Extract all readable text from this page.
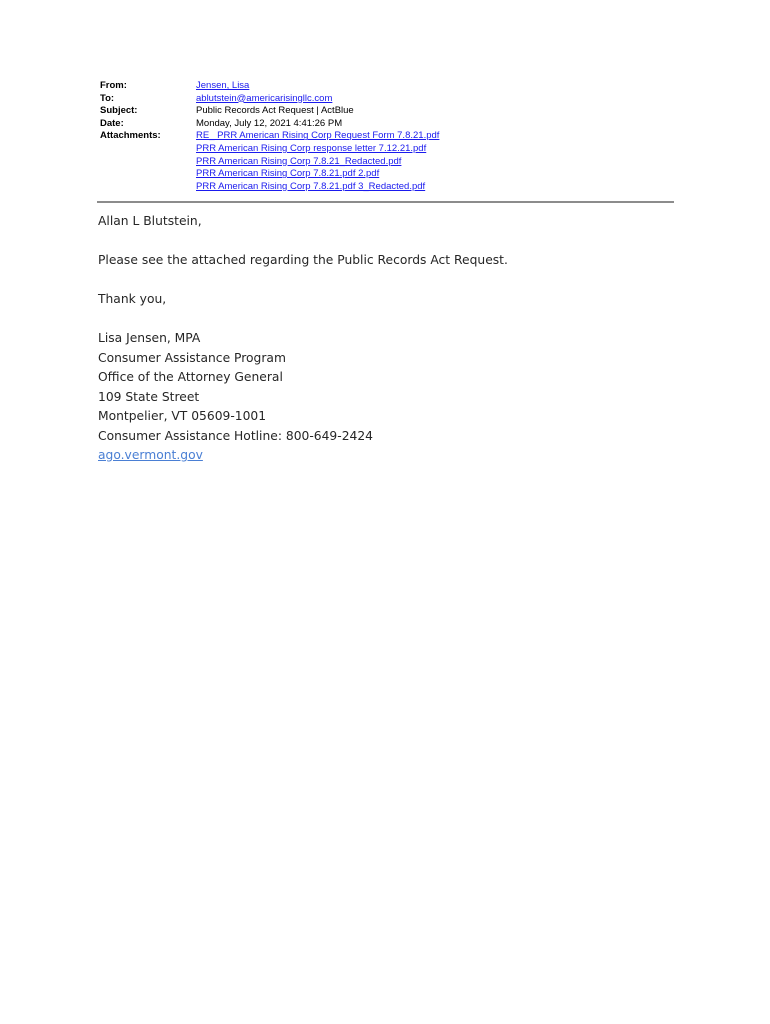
From:	Jensen, Lisa
To:	ablutstein@americarisingllc.com
Subject:	Public Records Act Request | ActBlue
Date:	Monday, July 12, 2021 4:41:26 PM
Attachments:	RE_ PRR American Rising Corp Request Form 7.8.21.pdf
PRR American Rising Corp response letter 7.12.21.pdf
PRR American Rising Corp 7.8.21_Redacted.pdf
PRR American Rising Corp 7.8.21.pdf 2.pdf
PRR American Rising Corp 7.8.21.pdf 3_Redacted.pdf

Allan L Blutstein,

Please see the attached regarding the Public Records Act Request.

Thank you,

Lisa Jensen, MPA

Consumer Assistance Program

Office of the Attorney General

109 State Street

Montpelier, VT 05609-1001

Consumer Assistance Hotline: 800-649-2424

ago.vermont.gov
